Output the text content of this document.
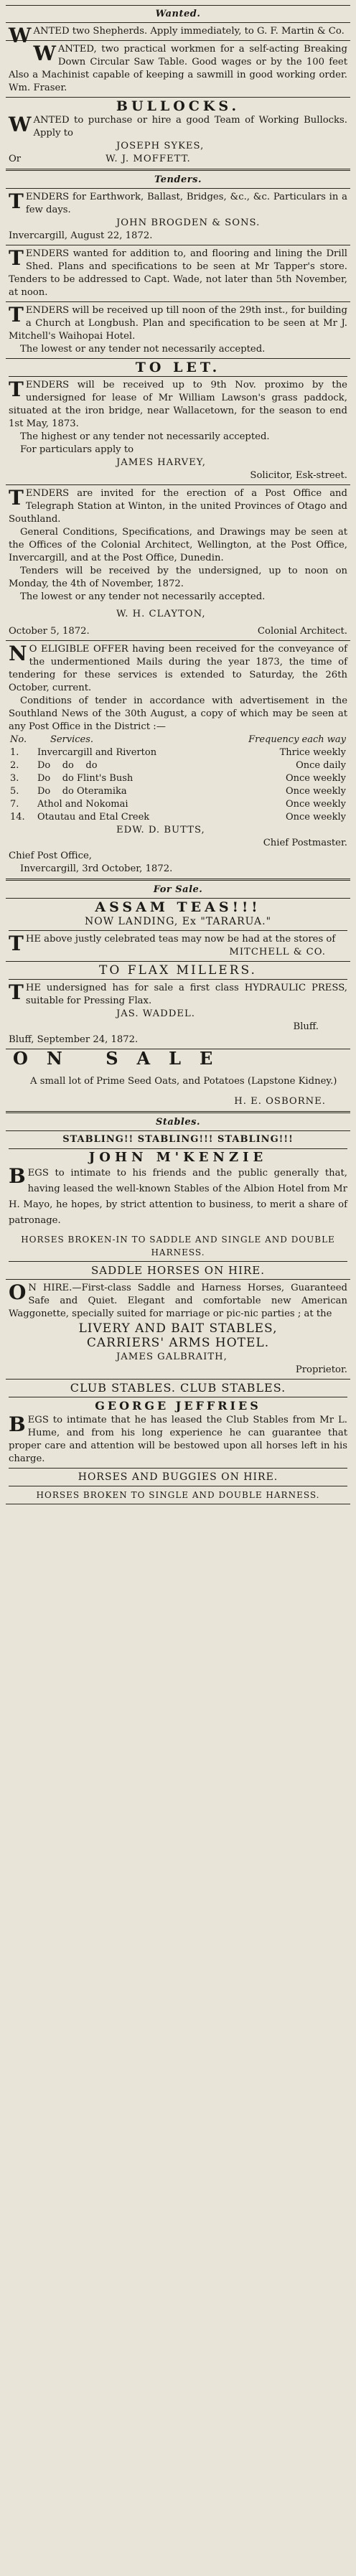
Wanted.

WANTED two Shepherds. Apply immediately, to G. F. Martin & Co.

WANTED, two practical workmen for a self-acting Breaking Down Circular Saw Table. Good wages or by the 100 feet Also a Machinist capable of keeping a sawmill in good working order. Wm. Fraser.

BULLOCKS.

WANTED to purchase or hire a good Team of Working Bullocks. Apply to

JOSEPH SYKES,

Or	W. J. MOFFETT.

Tenders.

TENDERS for Earthwork, Ballast, Bridges, &c., &c. Particulars in a few days.

JOHN BROGDEN & SONS.

Invercargill, August 22, 1872.

TENDERS wanted for addition to, and flooring and lining the Drill Shed. Plans and specifications to be seen at Mr Tapper's store. Tenders to be addressed to Capt. Wade, not later than 5th November, at noon.

TENDERS will be received up till noon of the 29th inst., for building a Church at Longbush. Plan and specification to be seen at Mr J. Mitchell's Waihopai Hotel.

The lowest or any tender not necessarily accepted.

TO LET.

TENDERS will be received up to 9th Nov. proximo by the undersigned for lease of Mr William Lawson's grass paddock, situated at the iron bridge, near Wallacetown, for the season to end 1st May, 1873.

The highest or any tender not necessarily accepted.

For particulars apply to

JAMES HARVEY,

Solicitor, Esk-street.

TENDERS are invited for the erection of a Post Office and Telegraph Station at Winton, in the united Provinces of Otago and Southland.

General Conditions, Specifications, and Drawings may be seen at the Offices of the Colonial Architect, Wellington, at the Post Office, Invercargill, and at the Post Office, Dunedin.

Tenders will be received by the undersigned, up to noon on Monday, the 4th of November, 1872.

The lowest or any tender not necessarily accepted.

W. H. CLAYTON,

October 5, 1872.	Colonial Architect.

NO ELIGIBLE OFFER having been received for the conveyance of the undermentioned Mails during the year 1873, the time of tendering for these services is extended to Saturday, the 26th October, current.

Conditions of tender in accordance with advertisement in the Southland News of the 30th August, a copy of which may be seen at any Post Office in the District :—

No.	Services.	Frequency each way
1.	Invercargill and Riverton	Thrice weekly
2.	Do    do    do	Once daily
3.	Do    do Flint's Bush	Once weekly
5.	Do    do Oteramika	Once weekly
7.	Athol and Nokomai	Once weekly
14.	Otautau and Etal Creek	Once weekly

EDW. D. BUTTS,

Chief Postmaster.

Chief Post Office,

Invercargill, 3rd October, 1872.

For Sale.
ASSAM TEAS!!!
NOW LANDING, Ex "TARARUA."

THE above justly celebrated teas may now be had at the stores of

MITCHELL & CO.

TO FLAX MILLERS.

THE undersigned has for sale a first class HYDRAULIC PRESS, suitable for Pressing Flax.

JAS. WADDEL.

Bluff.

Bluff, September 24, 1872.

ON SALE

A small lot of Prime Seed Oats, and Potatoes (Lapstone Kidney.)

H. E. OSBORNE.

Stables.
STABLING!! STABLING!!! STABLING!!!
JOHN M'KENZIE

BEGS to intimate to his friends and the public generally that, having leased the well-known Stables of the Albion Hotel from Mr H. Mayo, he hopes, by strict attention to business, to merit a share of patronage.

HORSES BROKEN-IN TO SADDLE AND SINGLE AND DOUBLE HARNESS.

SADDLE HORSES ON HIRE.

ON HIRE.—First-class Saddle and Harness Horses, Guaranteed Safe and Quiet. Elegant and comfortable new American Waggonette, specially suited for marriage or pic-nic parties ; at the

LIVERY AND BAIT STABLES,
CARRIERS' ARMS HOTEL.

JAMES GALBRAITH,

Proprietor.

CLUB STABLES. CLUB STABLES.
GEORGE JEFFRIES

BEGS to intimate that he has leased the Club Stables from Mr L. Hume, and from his long experience he can guarantee that proper care and attention will be bestowed upon all horses left in his charge.

HORSES AND BUGGIES ON HIRE.

HORSES BROKEN TO SINGLE AND DOUBLE HARNESS.
